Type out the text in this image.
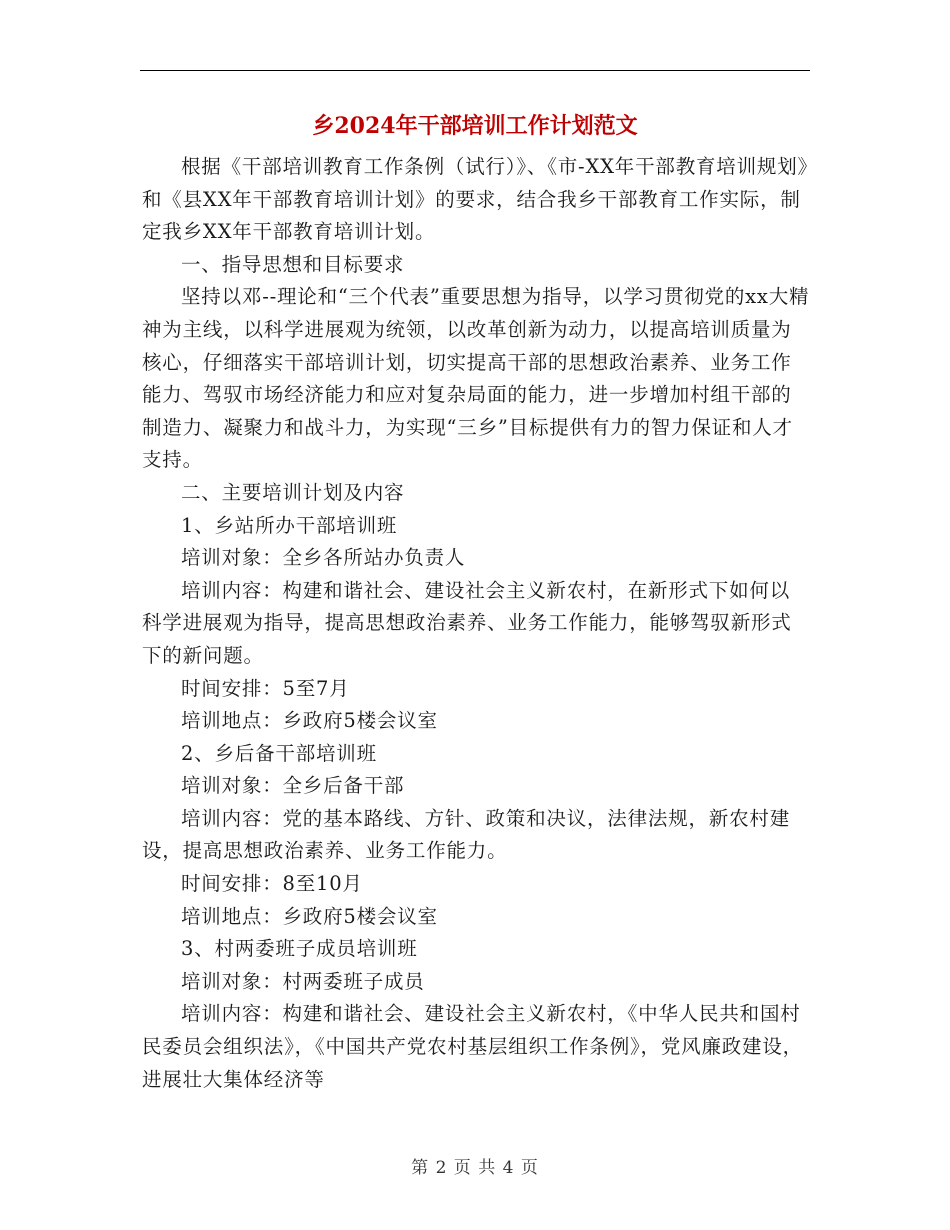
乡2024年干部培训工作计划范文

根据《干部培训教育工作条例（试行）》、《市-XX年干部教育培训规划》和《县XX年干部教育培训计划》的要求，结合我乡干部教育工作实际，制定我乡XX年干部教育培训计划。

一、指导思想和目标要求

坚持以邓--理论和“三个代表”重要思想为指导，以学习贯彻党的xx大精神为主线，以科学进展观为统领，以改革创新为动力，以提高培训质量为核心，仔细落实干部培训计划，切实提高干部的思想政治素养、业务工作能力、驾驭市场经济能力和应对复杂局面的能力，进一步增加村组干部的制造力、凝聚力和战斗力，为实现“三乡”目标提供有力的智力保证和人才支持。

二、主要培训计划及内容

1、乡站所办干部培训班

培训对象：全乡各所站办负责人

培训内容：构建和谐社会、建设社会主义新农村，在新形式下如何以科学进展观为指导，提高思想政治素养、业务工作能力，能够驾驭新形式下的新问题。

时间安排：5至7月

培训地点：乡政府5楼会议室

2、乡后备干部培训班

培训对象：全乡后备干部

培训内容：党的基本路线、方针、政策和决议，法律法规，新农村建设，提高思想政治素养、业务工作能力。

时间安排：8至10月

培训地点：乡政府5楼会议室

3、村两委班子成员培训班

培训对象：村两委班子成员

培训内容：构建和谐社会、建设社会主义新农村，《中华人民共和国村民委员会组织法》，《中国共产党农村基层组织工作条例》，党风廉政建设，进展壮大集体经济等

第 2 页 共 4 页
